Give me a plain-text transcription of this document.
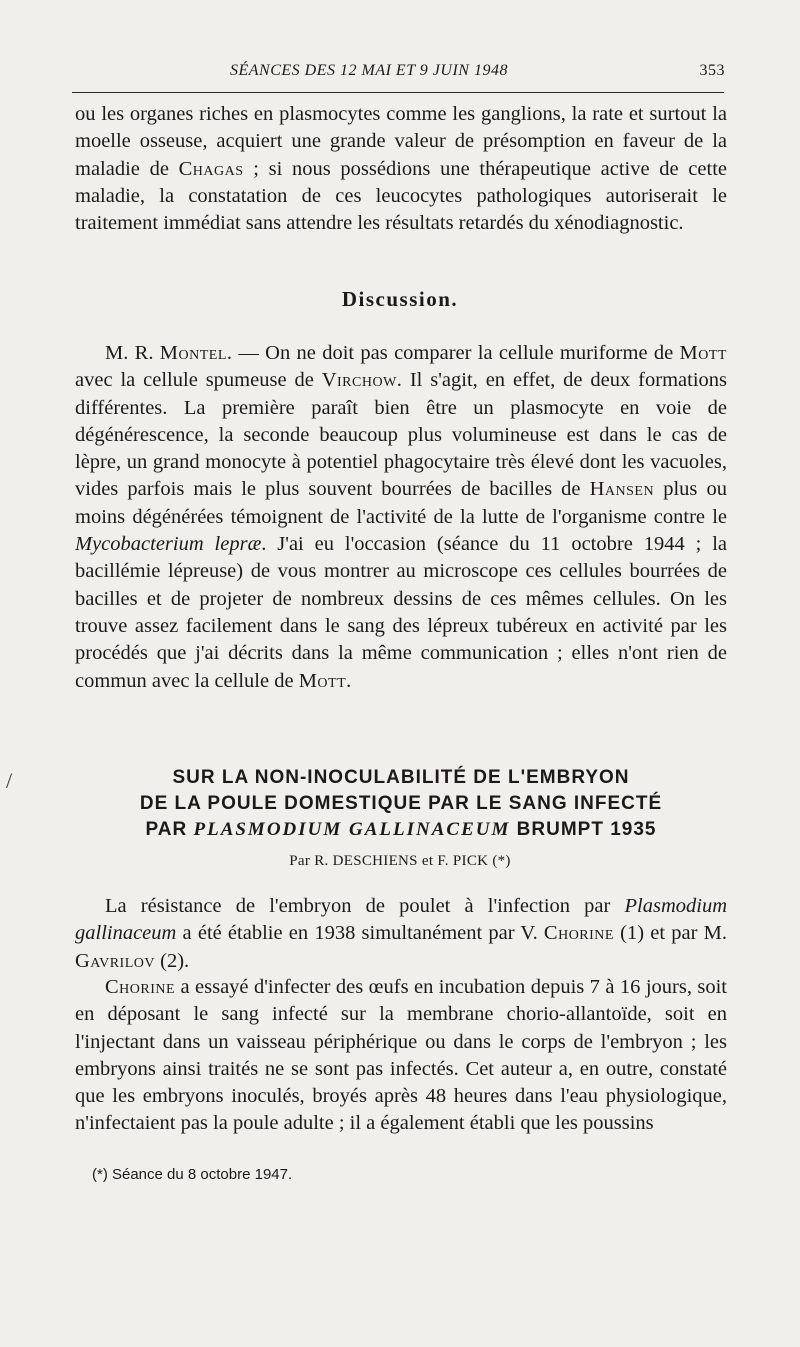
SÉANCES DES 12 MAI ET 9 JUIN 1948	353

ou les organes riches en plasmocytes comme les ganglions, la rate et surtout la moelle osseuse, acquiert une grande valeur de présomption en faveur de la maladie de Chagas ; si nous possédions une thérapeutique active de cette maladie, la constatation de ces leucocytes pathologiques autoriserait le traitement immédiat sans attendre les résultats retardés du xénodiagnostic.

Discussion.

M. R. Montel. — On ne doit pas comparer la cellule muriforme de Mott avec la cellule spumeuse de Virchow. Il s'agit, en effet, de deux formations différentes. La première paraît bien être un plasmocyte en voie de dégénérescence, la seconde beaucoup plus volumineuse est dans le cas de lèpre, un grand monocyte à potentiel phagocytaire très élevé dont les vacuoles, vides parfois mais le plus souvent bourrées de bacilles de Hansen plus ou moins dégénérées témoignent de l'activité de la lutte de l'organisme contre le Mycobacterium lepræ. J'ai eu l'occasion (séance du 11 octobre 1944 ; la bacillémie lépreuse) de vous montrer au microscope ces cellules bourrées de bacilles et de projeter de nombreux dessins de ces mêmes cellules. On les trouve assez facilement dans le sang des lépreux tubéreux en activité par les procédés que j'ai décrits dans la même communication ; elles n'ont rien de commun avec la cellule de Mott.

/	SUR LA NON-INOCULABILITÉ DE L'EMBRYON
DE LA POULE DOMESTIQUE PAR LE SANG INFECTÉ
PAR PLASMODIUM GALLINACEUM BRUMPT 1935
Par R. DESCHIENS et F. PICK (*)

La résistance de l'embryon de poulet à l'infection par Plasmodium gallinaceum a été établie en 1938 simultanément par V. Chorine (1) et par M. Gavrilov (2).

Chorine a essayé d'infecter des œufs en incubation depuis 7 à 16 jours, soit en déposant le sang infecté sur la membrane chorio-allantoïde, soit en l'injectant dans un vaisseau périphérique ou dans le corps de l'embryon ; les embryons ainsi traités ne se sont pas infectés. Cet auteur a, en outre, constaté que les embryons inoculés, broyés après 48 heures dans l'eau physiologique, n'infectaient pas la poule adulte ; il a également établi que les poussins

(*) Séance du 8 octobre 1947.
